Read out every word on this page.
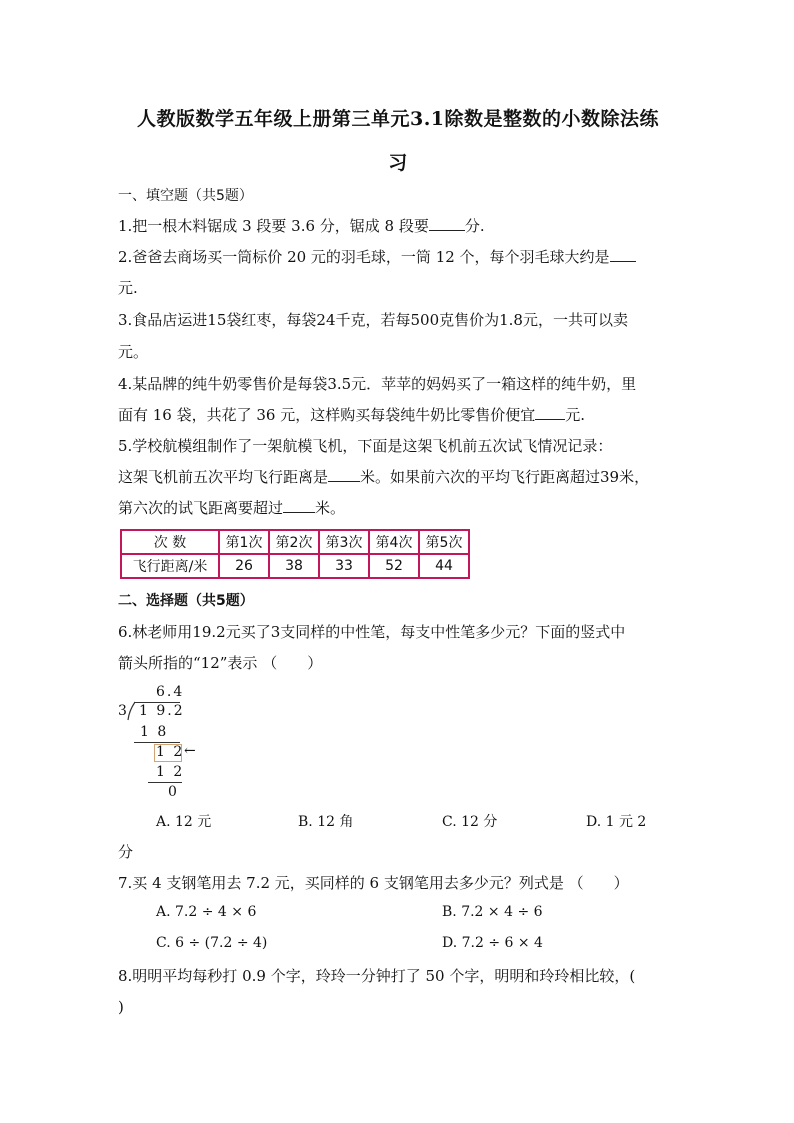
人教版数学五年级上册第三单元3.1除数是整数的小数除法练
习
一、填空题（共5题）
1.把一根木料锯成 3 段要 3.6 分，锯成 8 段要 分.
2.爸爸去商场买一筒标价 20 元的羽毛球，一筒 12 个，每个羽毛球大约是
元.
3.食品店运进15袋红枣，每袋24千克，若每500克售价为1.8元，一共可以卖
元。
4.某品牌的纯牛奶零售价是每袋3.5元．苹苹的妈妈买了一箱这样的纯牛奶，里
面有 16 袋，共花了 36 元，这样购买每袋纯牛奶比零售价便宜 元.
5.学校航模组制作了一架航模飞机，下面是这架飞机前五次试飞情况记录：
这架飞机前五次平均飞行距离是 米。如果前六次的平均飞行距离超过39米，
第六次的试飞距离要超过 米。
次 数	第1次	第2次	第3次	第4次	第5次
飞行距离/米	26	38	33	52	44
二、选择题（共5题）
6.林老师用19.2元买了3支同样的中性笔，每支中性笔多少元？下面的竖式中
箭头所指的“12”表示 （　　）
6.4
3 1 9.2
1 8
1 2 ←
1 2
0
A. 12 元	B. 12 角	C. 12 分	D. 1 元 2
分
7.买 4 支钢笔用去 7.2 元，买同样的 6 支钢笔用去多少元？列式是 （　　）
A. 7.2 ÷ 4 × 6	B. 7.2 × 4 ÷ 6
C. 6 ÷ (7.2 ÷ 4)	D. 7.2 ÷ 6 × 4
8.明明平均每秒打 0.9 个字，玲玲一分钟打了 50 个字，明明和玲玲相比较，(
)
